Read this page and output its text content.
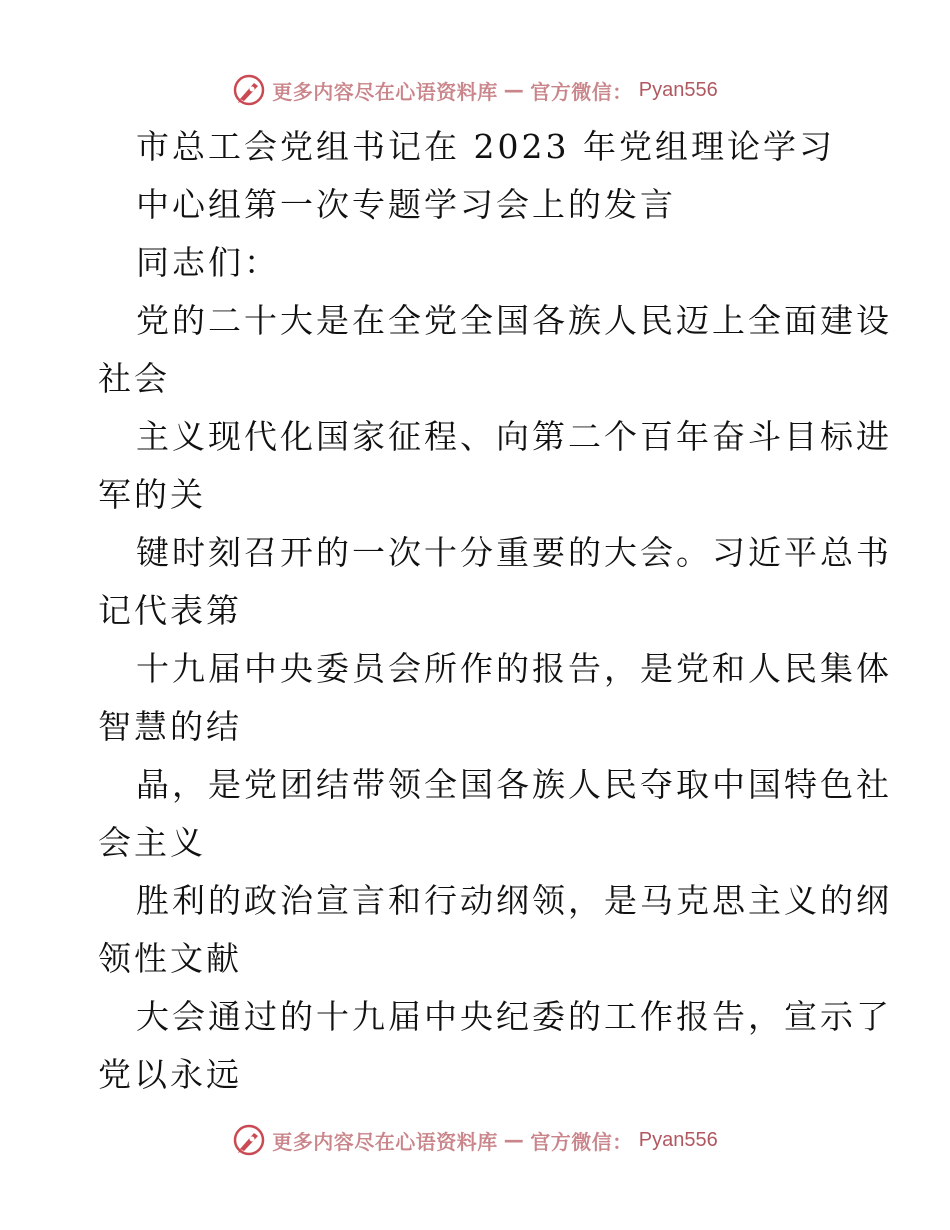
更多内容尽在心语资料库 — 官方微信： Pyan556

市总工会党组书记在 2023 年党组理论学习

中心组第一次专题学习会上的发言

同志们：

党的二十大是在全党全国各族人民迈上全面建设

社会

主义现代化国家征程、向第二个百年奋斗目标进

军的关

键时刻召开的一次十分重要的大会。习近平总书

记代表第

十九届中央委员会所作的报告，是党和人民集体

智慧的结

晶，是党团结带领全国各族人民夺取中国特色社

会主义

胜利的政治宣言和行动纲领，是马克思主义的纲

领性文献

大会通过的十九届中央纪委的工作报告，宣示了

党以永远

更多内容尽在心语资料库 — 官方微信： Pyan556
